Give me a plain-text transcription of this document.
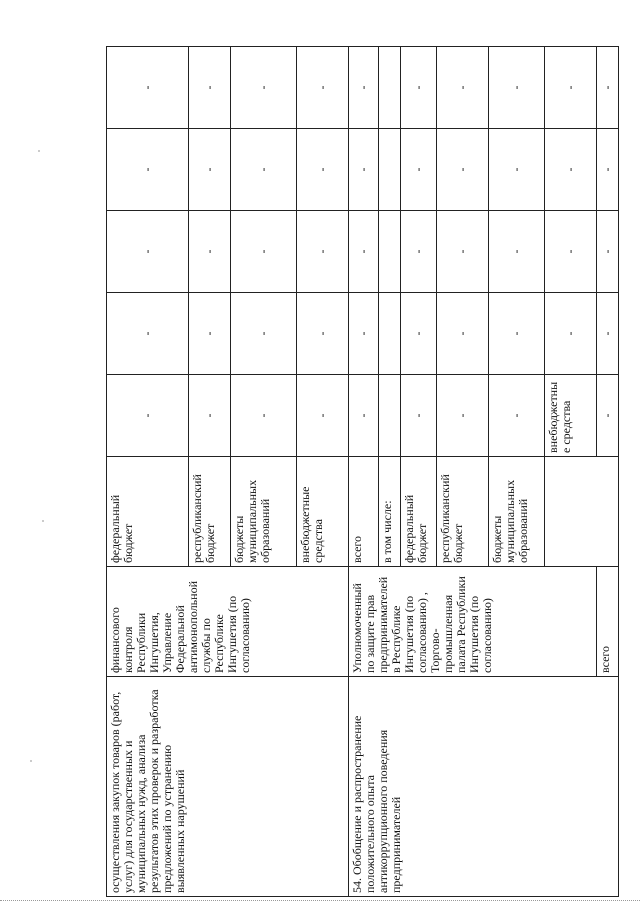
осуществления закупок товаров (работ, услуг) для государственных и муниципальных нужд, анализа результатов этих проверок и разработка предложений по устранению выявленных нарушений	финансового контроля Республики Ингушетия, Управление Федеральной антимонопольной службы по Республике Ингушетия (по согласованию)	федеральный бюджет	-	-	-	-	-	
		республиканский бюджет	-	-	-	-	-	
		бюджеты муниципальных образований	-	-	-	-	-	
		внебюджетные средства	-	-	-	-	-	
54. Обобщение и распространение положительного опыта антикоррупционного поведения предпринимателей	Уполномоченный по защите прав предпринимателей в Республике Ингушетия (по согласованию) , Торгово-промышленная палата Республики Ингушетия (по согласованию)	всего	-	-	-	-	-	
		в том числе:						
		федеральный бюджет	-	-	-	-	-	
		республиканский бюджет	-	-	-	-	-	
		бюджеты муниципальных образований	-	-	-	-	-	
			внебюджетные средства	-	-	-	-	
	всего		-	-	-	-	-	
